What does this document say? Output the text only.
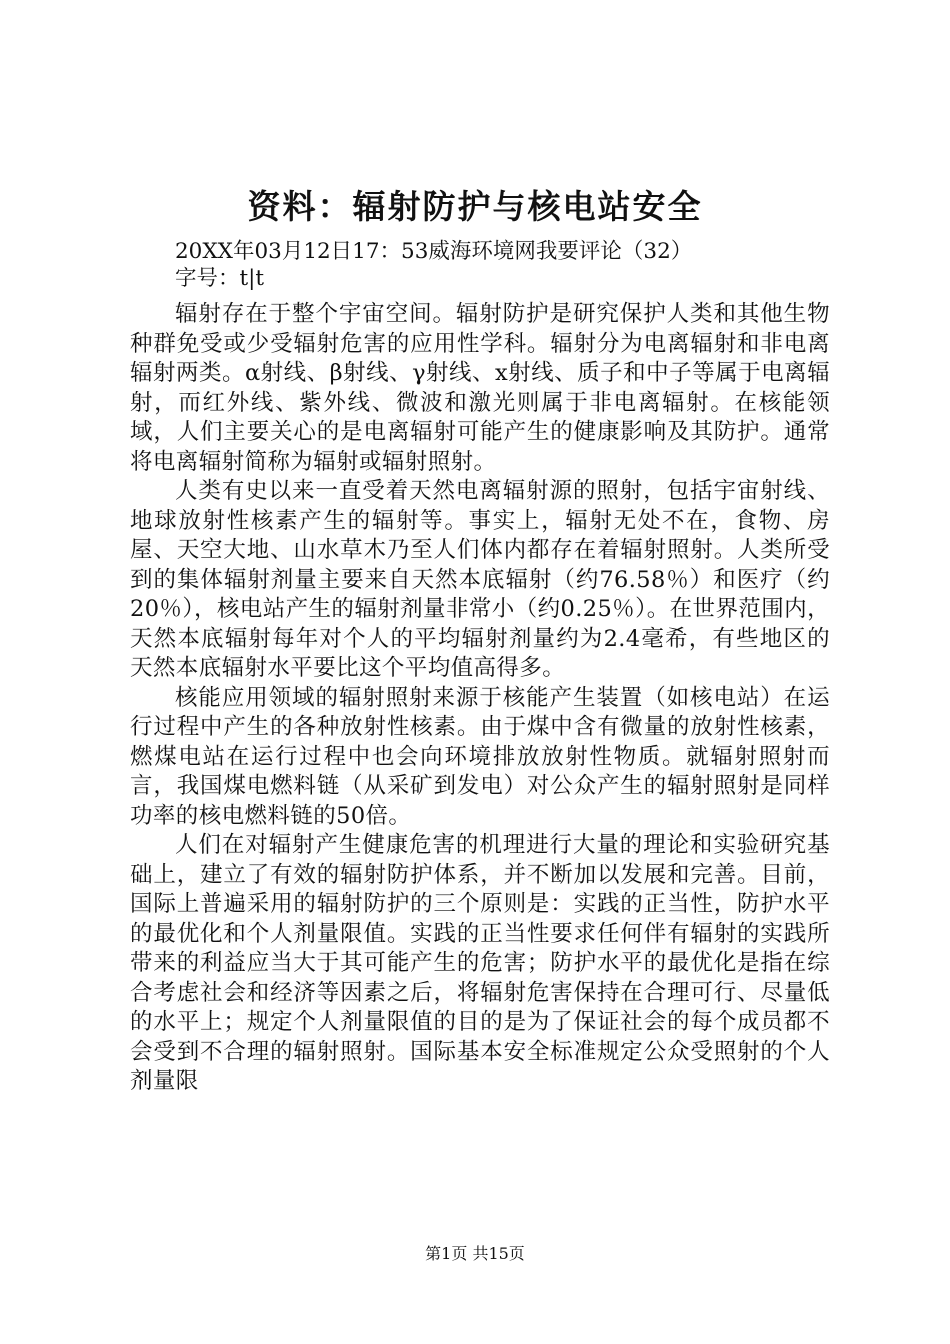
资料：辐射防护与核电站安全
20XX年03月12日17：53威海环境网我要评论（32）
字号：t|t

辐射存在于整个宇宙空间。辐射防护是研究保护人类和其他生物种群免受或少受辐射危害的应用性学科。辐射分为电离辐射和非电离辐射两类。α射线、β射线、γ射线、x射线、质子和中子等属于电离辐射，而红外线、紫外线、微波和激光则属于非电离辐射。在核能领域，人们主要关心的是电离辐射可能产生的健康影响及其防护。通常将电离辐射简称为辐射或辐射照射。

人类有史以来一直受着天然电离辐射源的照射，包括宇宙射线、地球放射性核素产生的辐射等。事实上，辐射无处不在，食物、房屋、天空大地、山水草木乃至人们体内都存在着辐射照射。人类所受到的集体辐射剂量主要来自天然本底辐射（约76.58％）和医疗（约20％），核电站产生的辐射剂量非常小（约0.25％）。在世界范围内，天然本底辐射每年对个人的平均辐射剂量约为2.4毫希，有些地区的天然本底辐射水平要比这个平均值高得多。

核能应用领域的辐射照射来源于核能产生装置（如核电站）在运行过程中产生的各种放射性核素。由于煤中含有微量的放射性核素，燃煤电站在运行过程中也会向环境排放放射性物质。就辐射照射而言，我国煤电燃料链（从采矿到发电）对公众产生的辐射照射是同样功率的核电燃料链的50倍。

人们在对辐射产生健康危害的机理进行大量的理论和实验研究基础上，建立了有效的辐射防护体系，并不断加以发展和完善。目前，国际上普遍采用的辐射防护的三个原则是：实践的正当性，防护水平的最优化和个人剂量限值。实践的正当性要求任何伴有辐射的实践所带来的利益应当大于其可能产生的危害；防护水平的最优化是指在综合考虑社会和经济等因素之后，将辐射危害保持在合理可行、尽量低的水平上；规定个人剂量限值的目的是为了保证社会的每个成员都不会受到不合理的辐射照射。国际基本安全标准规定公众受照射的个人剂量限

第1页 共15页
